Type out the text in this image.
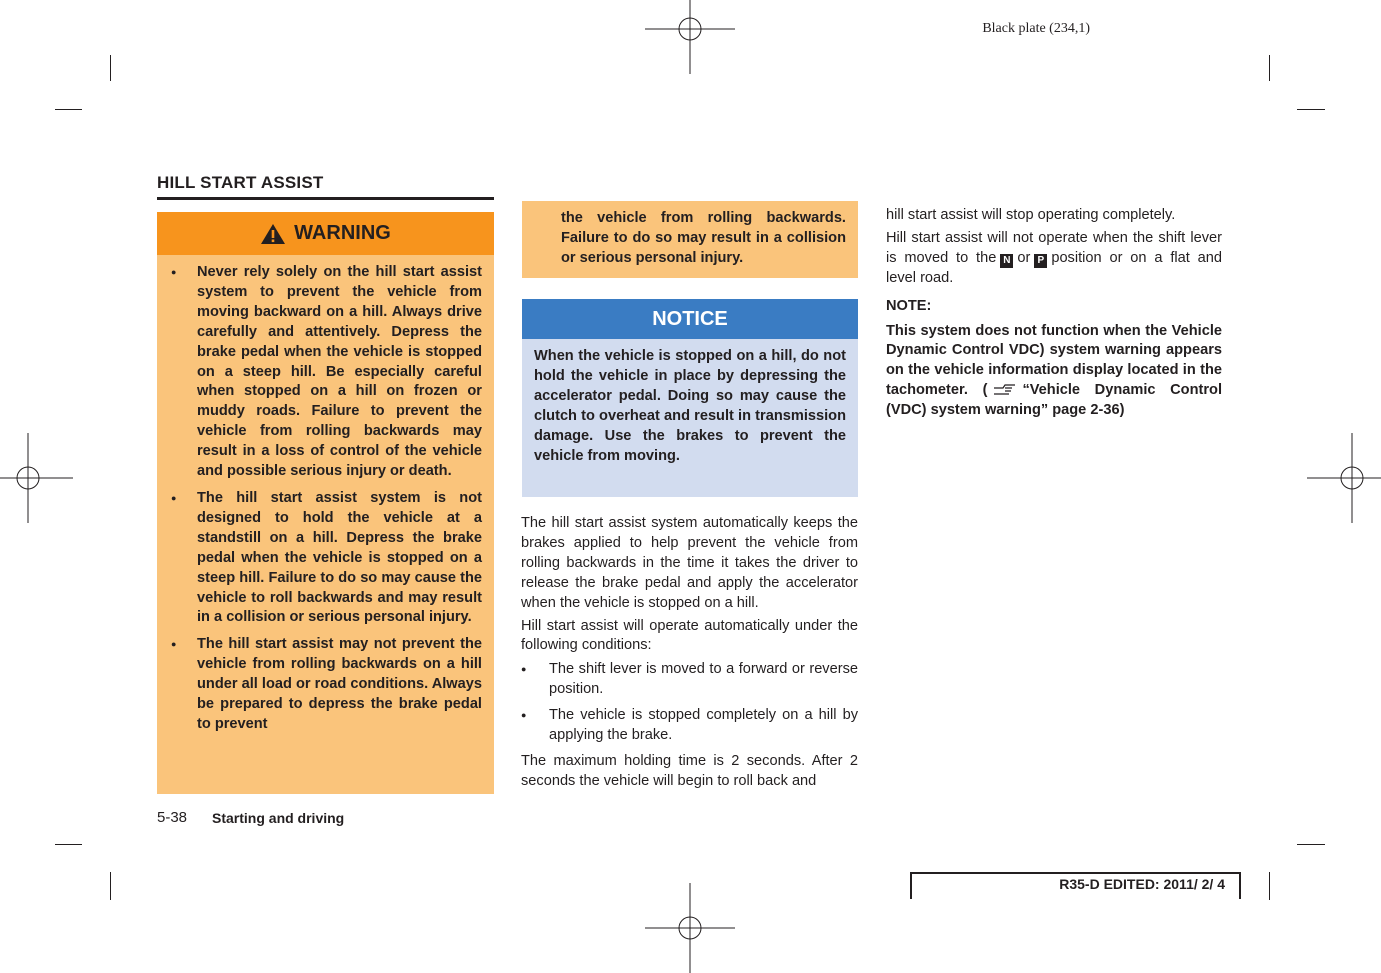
Black plate (234,1)
HILL START ASSIST
WARNING
● Never rely solely on the hill start assist system to prevent the vehicle from moving backward on a hill. Always drive carefully and attentively. Depress the brake pedal when the vehicle is stopped on a steep hill. Be especially careful when stopped on a hill on frozen or muddy roads. Failure to prevent the vehicle from rolling backwards may result in a loss of control of the vehicle and possible serious injury or death.
● The hill start assist system is not designed to hold the vehicle at a standstill on a hill. Depress the brake pedal when the vehicle is stopped on a steep hill. Failure to do so may cause the vehicle to roll backwards and may result in a collision or serious personal injury.
● The hill start assist may not prevent the vehicle from rolling backwards on a hill under all load or road conditions. Always be prepared to depress the brake pedal to prevent

the vehicle from rolling backwards. Failure to do so may result in a collision or serious personal injury.

NOTICE

When the vehicle is stopped on a hill, do not hold the vehicle in place by depressing the accelerator pedal. Doing so may cause the clutch to overheat and result in transmission damage. Use the brakes to prevent the vehicle from moving.

The hill start assist system automatically keeps the brakes applied to help prevent the vehicle from rolling backwards in the time it takes the driver to release the brake pedal and apply the accelerator when the vehicle is stopped on a hill.

Hill start assist will operate automatically under the following conditions:

● The shift lever is moved to a forward or reverse position.
● The vehicle is stopped completely on a hill by applying the brake.

The maximum holding time is 2 seconds. After 2 seconds the vehicle will begin to roll back and

hill start assist will stop operating completely.

Hill start assist will not operate when the shift lever is moved to the N or P position or on a flat and level road.

NOTE:

This system does not function when the Vehicle Dynamic Control VDC) system warning appears on the vehicle information display located in the tachometer. ( “Vehicle Dynamic Control (VDC) system warning” page 2-36)

5-38 Starting and driving
R35-D EDITED: 2011/ 2/ 4
